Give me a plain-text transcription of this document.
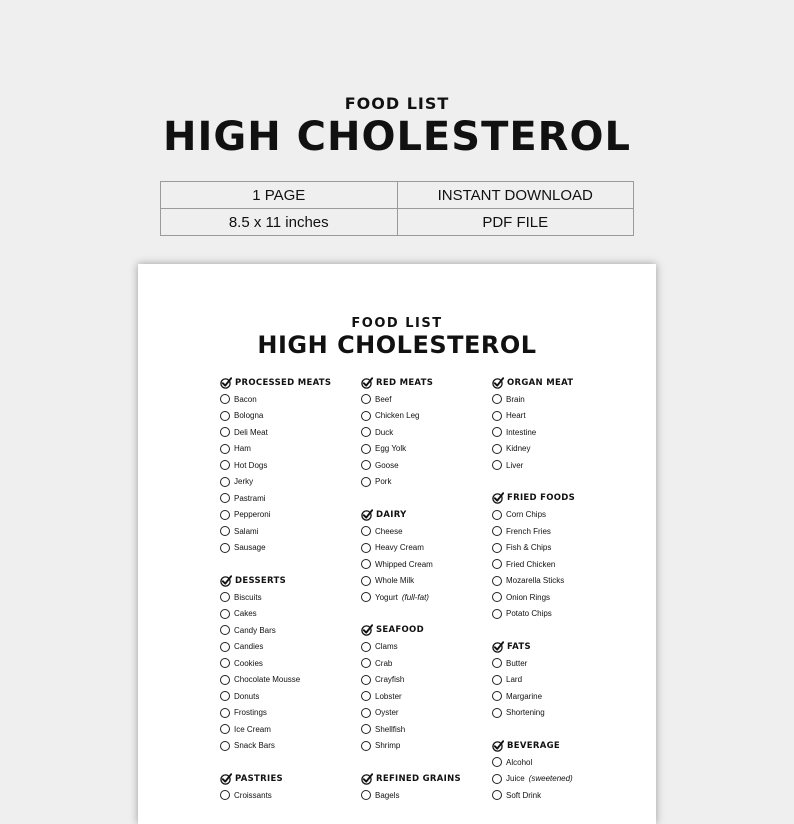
FOOD LIST
HIGH CHOLESTEROL
1 PAGE	INSTANT DOWNLOAD
8.5 x 11 inches	PDF FILE
FOOD LIST
HIGH CHOLESTEROL
PROCESSED MEATS
Bacon
Bologna
Deli Meat
Ham
Hot Dogs
Jerky
Pastrami
Pepperoni
Salami
Sausage
DESSERTS
Biscuits
Cakes
Candy Bars
Candies
Cookies
Chocolate Mousse
Donuts
Frostings
Ice Cream
Snack Bars
PASTRIES
Croissants
RED MEATS
Beef
Chicken Leg
Duck
Egg Yolk
Goose
Pork
DAIRY
Cheese
Heavy Cream
Whipped Cream
Whole Milk
Yogurt (full-fat)
SEAFOOD
Clams
Crab
Crayfish
Lobster
Oyster
Shellfish
Shrimp
REFINED GRAINS
Bagels
ORGAN MEAT
Brain
Heart
Intestine
Kidney
Liver
FRIED FOODS
Corn Chips
French Fries
Fish & Chips
Fried Chicken
Mozarella Sticks
Onion Rings
Potato Chips
FATS
Butter
Lard
Margarine
Shortening
BEVERAGE
Alcohol
Juice (sweetened)
Soft Drink
